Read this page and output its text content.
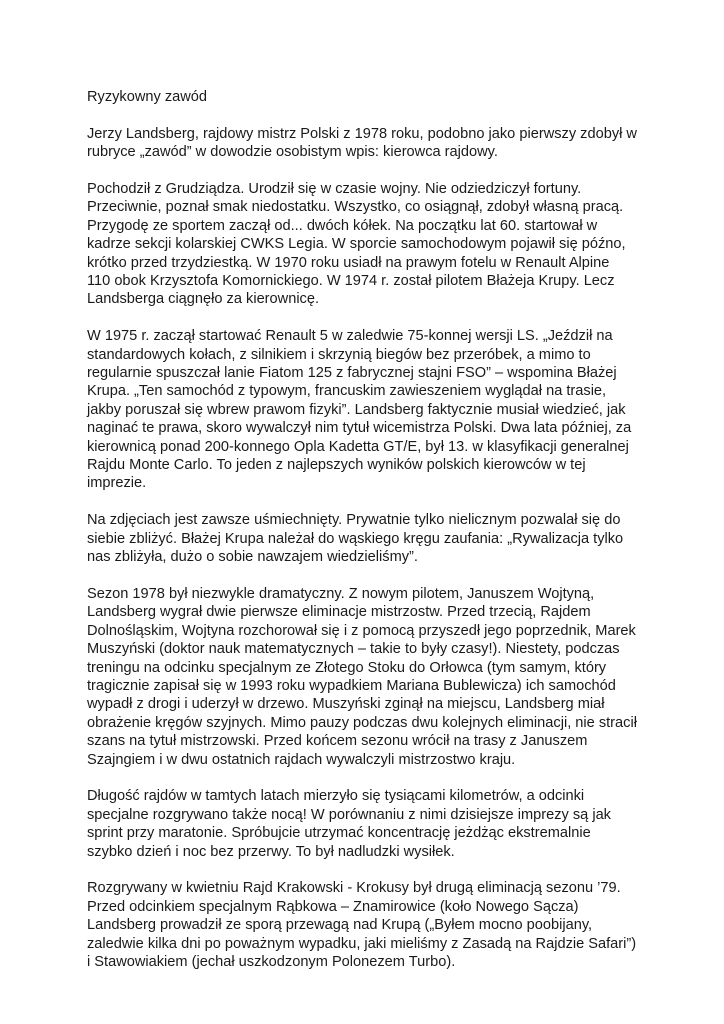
Ryzykowny zawód

Jerzy Landsberg, rajdowy mistrz Polski z 1978 roku, podobno jako pierwszy zdobył w
rubryce „zawód” w dowodzie osobistym wpis: kierowca rajdowy.

Pochodził z Grudziądza. Urodził się w czasie wojny. Nie odziedziczył fortuny.
Przeciwnie, poznał smak niedostatku. Wszystko, co osiągnął, zdobył własną pracą.
Przygodę ze sportem zaczął od... dwóch kółek. Na początku lat 60. startował w
kadrze sekcji kolarskiej CWKS Legia. W sporcie samochodowym pojawił się późno,
krótko przed trzydziestką. W 1970 roku usiadł na prawym fotelu w Renault Alpine
110 obok Krzysztofa Komornickiego. W 1974 r. został pilotem Błażeja Krupy. Lecz
Landsberga ciągnęło za kierownicę.

W 1975 r. zaczął startować Renault 5 w zaledwie 75-konnej wersji LS. „Jeździł na
standardowych kołach, z silnikiem i skrzynią biegów bez przeróbek, a mimo to
regularnie spuszczał lanie Fiatom 125 z fabrycznej stajni FSO” – wspomina Błażej
Krupa. „Ten samochód z typowym, francuskim zawieszeniem wyglądał na trasie,
jakby poruszał się wbrew prawom fizyki”. Landsberg faktycznie musiał wiedzieć, jak
naginać te prawa, skoro wywalczył nim tytuł wicemistrza Polski. Dwa lata później, za
kierownicą ponad 200-konnego Opla Kadetta GT/E, był 13. w klasyfikacji generalnej
Rajdu Monte Carlo. To jeden z najlepszych wyników polskich kierowców w tej
imprezie.

Na zdjęciach jest zawsze uśmiechnięty. Prywatnie tylko nielicznym pozwalał się do
siebie zbliżyć. Błażej Krupa należał do wąskiego kręgu zaufania: „Rywalizacja tylko
nas zbliżyła, dużo o sobie nawzajem wiedzieliśmy”.

Sezon 1978 był niezwykle dramatyczny. Z nowym pilotem, Januszem Wojtyną,
Landsberg wygrał dwie pierwsze eliminacje mistrzostw. Przed trzecią, Rajdem
Dolnośląskim, Wojtyna rozchorował się i z pomocą przyszedł jego poprzednik, Marek
Muszyński (doktor nauk matematycznych – takie to były czasy!). Niestety, podczas
treningu na odcinku specjalnym ze Złotego Stoku do Orłowca (tym samym, który
tragicznie zapisał się w 1993 roku wypadkiem Mariana Bublewicza) ich samochód
wypadł z drogi i uderzył w drzewo. Muszyński zginął na miejscu, Landsberg miał
obrażenie kręgów szyjnych. Mimo pauzy podczas dwu kolejnych eliminacji, nie stracił
szans na tytuł mistrzowski. Przed końcem sezonu wrócił na trasy z Januszem
Szajngiem i w dwu ostatnich rajdach wywalczyli mistrzostwo kraju.

Długość rajdów w tamtych latach mierzyło się tysiącami kilometrów, a odcinki
specjalne rozgrywano także nocą! W porównaniu z nimi dzisiejsze imprezy są jak
sprint przy maratonie. Spróbujcie utrzymać koncentrację jeżdżąc ekstremalnie
szybko dzień i noc bez przerwy. To był nadludzki wysiłek.

Rozgrywany w kwietniu Rajd Krakowski - Krokusy był drugą eliminacją sezonu ’79.
Przed odcinkiem specjalnym Rąbkowa – Znamirowice (koło Nowego Sącza)
Landsberg prowadził ze sporą przewagą nad Krupą („Byłem mocno poobijany,
zaledwie kilka dni po poważnym wypadku, jaki mieliśmy z Zasadą na Rajdzie Safari”)
i Stawowiakiem (jechał uszkodzonym Polonezem Turbo).
